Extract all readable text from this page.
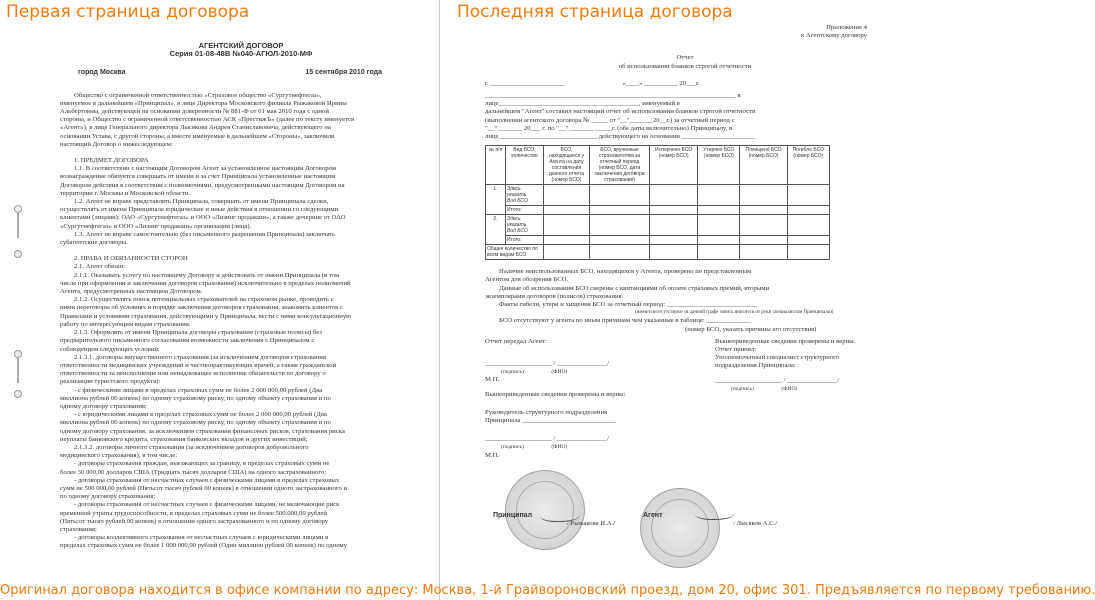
Первая страница договора
АГЕНТСКИЙ ДОГОВОР
Серия 01-08-48В №040-АГЮЛ-2010-МФ
город Москва	15 сентября 2010 года
Общество с ограниченной ответственностью «Страховое общество «Сургутнефтегаз»,
именуемое в дальнейшем «Принципал», в лице Директора Московского филиала Рыжаковой Ирины
Альбертовны, действующей на основании доверенности № 881-Ф от 01 мая 2010 года с одной
стороны, и Общество с ограниченной ответственностью АСК «ПрестижЪ» (далее по тексту именуется
«Агент»), в лице Генерального директора Лысякова Андрея Станиславовича, действующего на
основании Устава, с другой стороны, а вместе именуемые в дальнейшем «Стороны», заключили
настоящий Договор о нижеследующем:
1. ПРЕДМЕТ ДОГОВОРА
1.1. В соответствии с настоящим Договором Агент за установленное настоящим Договором
вознаграждение обязуется совершать от имени и за счет Принципала установленные настоящим
Договором действия в соответствии с полномочиями, предусмотренными настоящим Договором на
территории г. Москвы и Московской области.
1.2. Агент не вправе представлять Принципала, совершать от имени Принципала сделки,
осуществлять от имени Принципала юридические и иные действия в отношении со следующими
клиентами (лицами): ОАО «Сургутнефтегаз» и ООО «Лизинг продакшн», а также дочерние от ОАО
«Сургутнефтегаз» и ООО «Лизинг продакшн» организации (лица).
1.3. Агент не вправе самостоятельно (без письменного разрешения Принципала) заключать
субагентские договоры.
2. ПРАВА И ОБЯЗАННОСТИ СТОРОН
2.1. Агент обязан:
2.1.1. Оказывать услугу по настоящему Договору и действовать от имени Принципала (в том
числе при оформлении и заключении договоров страхования) исключительно в пределах полномочий
Агента, предусмотренных настоящим Договором.
2.1.2. Осуществлять поиск потенциальных страхователей на страховом рынке, проводить с
ними переговоры об условиях и порядке заключения договоров страхования, знакомить клиентов с
Правилами и условиями страхования, действующими у Принципала, вести с ними консультационную
работу по интересующим видам страхования.
2.1.3. Оформлять от имени Принципала договоры страхования (страховые полисы) без
предварительного письменного согласования возможности заключения с Принципалом с
соблюдением следующих условий:
2.1.3.1. договоры имущественного страхования (за исключением договоров страхования
ответственности медицинских учреждений и частнопрактикующих врачей, а также гражданской
ответственности за неисполнение или ненадлежащее исполнение обязательств по договору о
реализации туристского продукта):
- с физическими лицами в пределах страховых сумм не более 2 000 000,00 рублей (Два
миллиона рублей 00 копеек) по одному страховому риску, по одному объекту страхования и по
одному договору страхования;
- с юридическими лицами в пределах страховых сумм не более 2 000 000,00 рублей (Два
миллиона рублей 00 копеек) по одному страховому риску, по одному объекту страхования и по
одному договору страхования, за исключением страхования финансовых рисков, страхования риска
неуплаты банковского кредита, страхования банковских вкладов и других инвестиций;
2.1.3.2. договоры личного страхования (за исключением договоров добровольного
медицинского страхования), в том числе:
- договоры страхования граждан, выезжающих за границу, в пределах страховых сумм не
более 30 000,00 долларов США (Тридцать тысяч долларов США) на одного застрахованного;
- договоры страхования от несчастных случаев с физическими лицами в пределах страховых
сумм не 500 000,00 рублей (Пятьсот тысяч рублей 00 копеек) в отношении одного застрахованного и
по одному договору страхования;
- договоры страхования от несчастных случаев с физическими лицами, не включающие риск
временной утраты трудоспособности, в пределах страховых сумм не более 500.000,00 рублей
(Пятьсот тысяч рублей 00 копеек) в отношении одного застрахованного и по одному договору
страхования;
- договоры коллективного страхования от несчастных случаев с юридическими лицами в
пределах страховых сумм не более 1 000 000,00 рублей (Один миллион рублей 00 копеек) по одному
Последняя страница договора
Приложение 4
к Агентскому договору
Отчет
об использовании бланков строгой отчетности
г. ______________________                                   «____» __________ 20___г.
___________________________________________________________________________ в
лице__________________________________________, именуемый в
дальнейшем "Агент" составил настоящий отчет об использовании бланков строгой отчетности
(выполнении агентского договора № _____ от "__"_______20__г.) за отчетный период с
"__" _______ 20___ г. по "__" _______ _____г. (обе даты включительно) Принципалу, в
лице_____________________________, действующего на основании ______________________
№ п/п	Вид БСО, количество	БСО, находящиеся у Агента на дату составления данного отчета (номер БСО)	БСО, врученные страхователям за отчетный период (номер БСО, дата заключения договора страхования)	Испорчено БСО (номер БСО)	Утеряно БСО (номер БСО)	Похищено БСО (номер БСО)	Погибло БСО (номер БСО)
1.	Здесь
указать
Вид БСО						
	Итого:						
2.	Здесь
указать
Вид БСО						
	Итого:						
Общее количество по всем видам БСО							
Наличие неиспользованных БСО, находящихся у Агента, проверено по представленным
Агентом для обозрения БСО.
Данные об использовании БСО сверены с квитанциями об оплате страховых премий, вторыми
экземплярами договоров (полисов) страхования.
Факты гибели, утери и хищения БСО за отчетный период: ___________________________
(имеются/отсутствуют (в данной графе запись вносится от руки специалистом Принципала))
БСО отсутствуют у агента по иным причинам чем указанные в таблице: _____________
(номер БСО, указать причины его отсутствия)
Отчет передал Агент:
____________________ / _______________/
(подпись)                    (ФИО)
М.П.
Вышеприведенные сведения проверены и верны:
Руководитель структурного подразделения
Принципала ____________________________
____________________ / _______________/
(подпись)                    (ФИО)
М.П.
Вышеприведенные сведения проверены и верны.
Отчет принял:
Уполномоченный специалист структурного
подразделения Принципала:
____________________ / _______________/
(подпись)                    (ФИО)
Принципал
/ Рыжакова И.А./
Агент
/ Лысяков А.С./
Оригинал договора находится в офисе компании по адресу: Москва, 1-й Грайвороновский проезд, дом 20, офис 301. Предъявляется по первому требованию.
